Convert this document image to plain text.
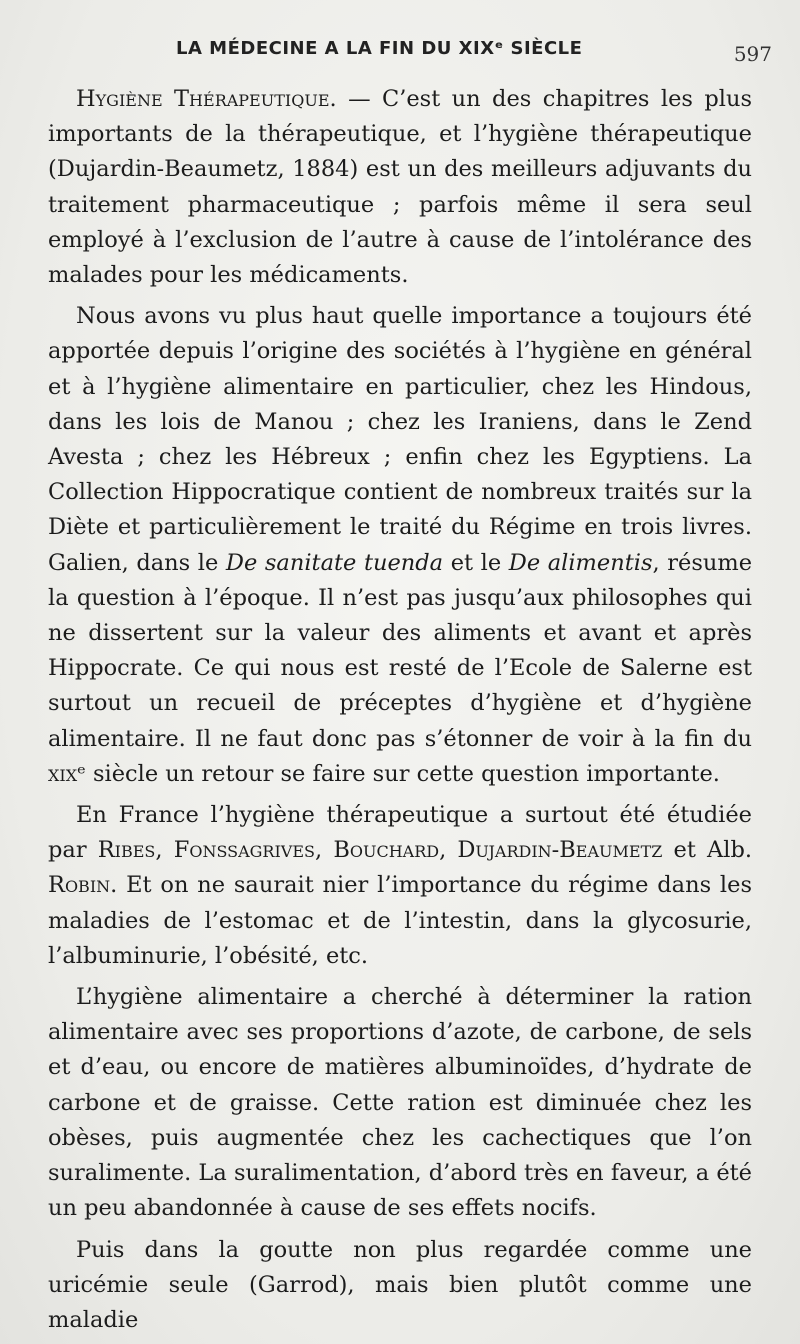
LA MÉDECINE A LA FIN DU XIXᵉ SIÈCLE	597

Hygiène Thérapeutique. — C’est un des chapitres les plus importants de la thérapeutique, et l’hygiène thérapeutique (Dujardin-Beaumetz, 1884) est un des meilleurs adjuvants du traitement pharmaceutique ; parfois même il sera seul employé à l’exclusion de l’autre à cause de l’intolérance des malades pour les médicaments.

Nous avons vu plus haut quelle importance a toujours été apportée depuis l’origine des sociétés à l’hygiène en général et à l’hygiène alimentaire en particulier, chez les Hindous, dans les lois de Manou ; chez les Iraniens, dans le Zend Avesta ; chez les Hébreux ; enfin chez les Egyptiens. La Collection Hippocratique contient de nombreux traités sur la Diète et particulièrement le traité du Régime en trois livres. Galien, dans le De sanitate tuenda et le De alimentis, résume la question à l’époque. Il n’est pas jusqu’aux philosophes qui ne dissertent sur la valeur des aliments et avant et après Hippocrate. Ce qui nous est resté de l’Ecole de Salerne est surtout un recueil de préceptes d’hygiène et d’hygiène alimentaire. Il ne faut donc pas s’étonner de voir à la fin du xixᵉ siècle un retour se faire sur cette question importante.

En France l’hygiène thérapeutique a surtout été étudiée par Ribes, Fonssagrives, Bouchard, Dujardin-Beaumetz et Alb. Robin. Et on ne saurait nier l’importance du régime dans les maladies de l’estomac et de l’intestin, dans la glycosurie, l’albuminurie, l’obésité, etc.

L’hygiène alimentaire a cherché à déterminer la ration alimentaire avec ses proportions d’azote, de carbone, de sels et d’eau, ou encore de matières albuminoïdes, d’hydrate de carbone et de graisse. Cette ration est diminuée chez les obèses, puis augmentée chez les cachectiques que l’on suralimente. La suralimentation, d’abord très en faveur, a été un peu abandonnée à cause de ses effets nocifs.

Puis dans la goutte non plus regardée comme une uricémie seule (Garrod), mais bien plutôt comme une maladie
